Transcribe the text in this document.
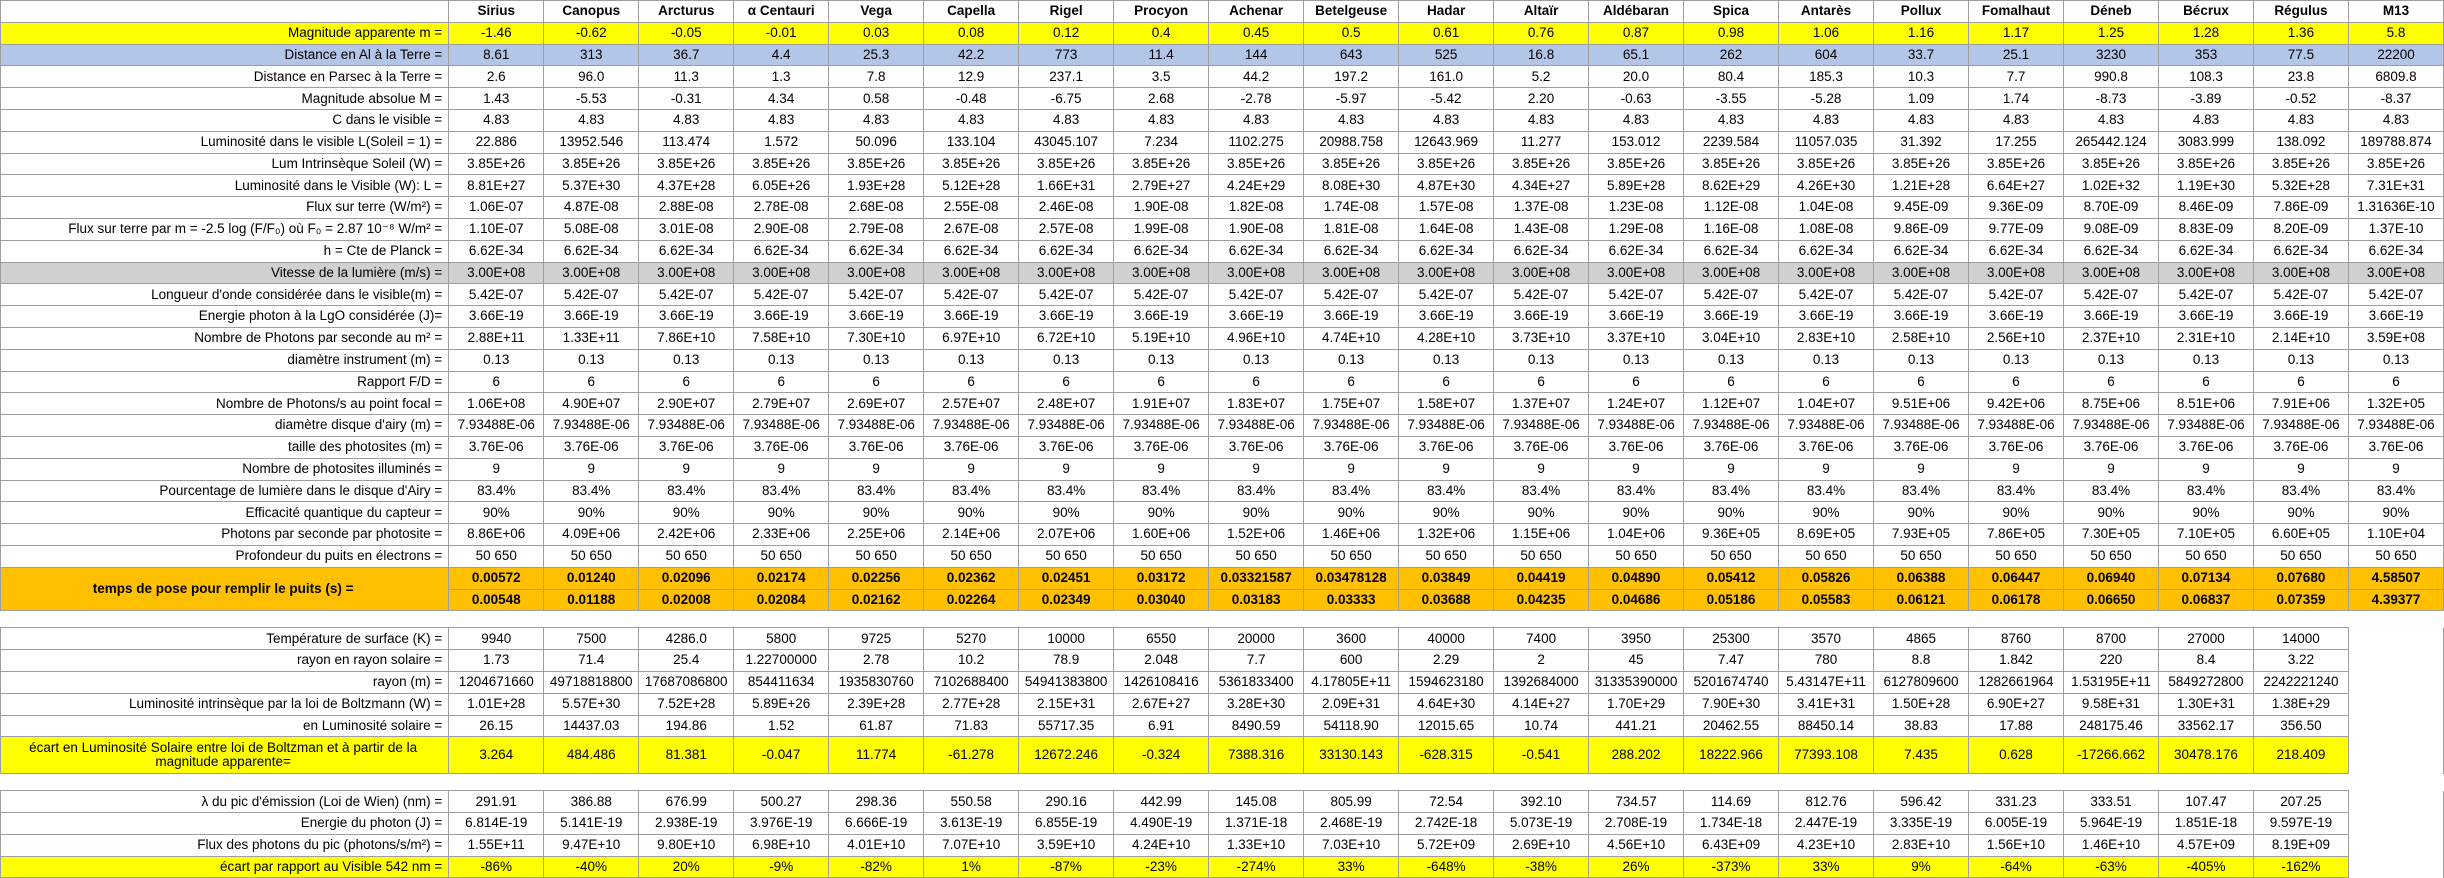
	Sirius	Canopus	Arcturus	α Centauri	Vega	Capella	Rigel	Procyon	Achenar	Betelgeuse	Hadar	Altaïr	Aldébaran	Spica	Antarès	Pollux	Fomalhaut	Déneb	Bécrux	Régulus	M13
Magnitude apparente m =	-1.46	-0.62	-0.05	-0.01	0.03	0.08	0.12	0.4	0.45	0.5	0.61	0.76	0.87	0.98	1.06	1.16	1.17	1.25	1.28	1.36	5.8
Distance en Al à la Terre =	8.61	313	36.7	4.4	25.3	42.2	773	11.4	144	643	525	16.8	65.1	262	604	33.7	25.1	3230	353	77.5	22200
Distance en Parsec à la Terre =	2.6	96.0	11.3	1.3	7.8	12.9	237.1	3.5	44.2	197.2	161.0	5.2	20.0	80.4	185.3	10.3	7.7	990.8	108.3	23.8	6809.8
Magnitude absolue M =	1.43	-5.53	-0.31	4.34	0.58	-0.48	-6.75	2.68	-2.78	-5.97	-5.42	2.20	-0.63	-3.55	-5.28	1.09	1.74	-8.73	-3.89	-0.52	-8.37
C dans le visible =	4.83	4.83	4.83	4.83	4.83	4.83	4.83	4.83	4.83	4.83	4.83	4.83	4.83	4.83	4.83	4.83	4.83	4.83	4.83	4.83	4.83
Luminosité dans le visible L(Soleil = 1) =	22.886	13952.546	113.474	1.572	50.096	133.104	43045.107	7.234	1102.275	20988.758	12643.969	11.277	153.012	2239.584	11057.035	31.392	17.255	265442.124	3083.999	138.092	189788.874
Lum Intrinsèque Soleil (W) =	3.85E+26	3.85E+26	3.85E+26	3.85E+26	3.85E+26	3.85E+26	3.85E+26	3.85E+26	3.85E+26	3.85E+26	3.85E+26	3.85E+26	3.85E+26	3.85E+26	3.85E+26	3.85E+26	3.85E+26	3.85E+26	3.85E+26	3.85E+26	3.85E+26
Luminosité dans le Visible (W): L =	8.81E+27	5.37E+30	4.37E+28	6.05E+26	1.93E+28	5.12E+28	1.66E+31	2.79E+27	4.24E+29	8.08E+30	4.87E+30	4.34E+27	5.89E+28	8.62E+29	4.26E+30	1.21E+28	6.64E+27	1.02E+32	1.19E+30	5.32E+28	7.31E+31
Flux sur terre (W/m²) =	1.06E-07	4.87E-08	2.88E-08	2.78E-08	2.68E-08	2.55E-08	2.46E-08	1.90E-08	1.82E-08	1.74E-08	1.57E-08	1.37E-08	1.23E-08	1.12E-08	1.04E-08	9.45E-09	9.36E-09	8.70E-09	8.46E-09	7.86E-09	1.31636E-10
Flux sur terre par m = -2.5 log (F/F₀) où F₀ = 2.87 10⁻⁸ W/m² =	1.10E-07	5.08E-08	3.01E-08	2.90E-08	2.79E-08	2.67E-08	2.57E-08	1.99E-08	1.90E-08	1.81E-08	1.64E-08	1.43E-08	1.29E-08	1.16E-08	1.08E-08	9.86E-09	9.77E-09	9.08E-09	8.83E-09	8.20E-09	1.37E-10
h = Cte de Planck =	6.62E-34	6.62E-34	6.62E-34	6.62E-34	6.62E-34	6.62E-34	6.62E-34	6.62E-34	6.62E-34	6.62E-34	6.62E-34	6.62E-34	6.62E-34	6.62E-34	6.62E-34	6.62E-34	6.62E-34	6.62E-34	6.62E-34	6.62E-34	6.62E-34
Vitesse de la lumière (m/s) =	3.00E+08	3.00E+08	3.00E+08	3.00E+08	3.00E+08	3.00E+08	3.00E+08	3.00E+08	3.00E+08	3.00E+08	3.00E+08	3.00E+08	3.00E+08	3.00E+08	3.00E+08	3.00E+08	3.00E+08	3.00E+08	3.00E+08	3.00E+08	3.00E+08
Longueur d'onde considérée dans le visible(m) =	5.42E-07	5.42E-07	5.42E-07	5.42E-07	5.42E-07	5.42E-07	5.42E-07	5.42E-07	5.42E-07	5.42E-07	5.42E-07	5.42E-07	5.42E-07	5.42E-07	5.42E-07	5.42E-07	5.42E-07	5.42E-07	5.42E-07	5.42E-07	5.42E-07
Energie photon à la LgO considérée (J)=	3.66E-19	3.66E-19	3.66E-19	3.66E-19	3.66E-19	3.66E-19	3.66E-19	3.66E-19	3.66E-19	3.66E-19	3.66E-19	3.66E-19	3.66E-19	3.66E-19	3.66E-19	3.66E-19	3.66E-19	3.66E-19	3.66E-19	3.66E-19	3.66E-19
Nombre de Photons par seconde au m² =	2.88E+11	1.33E+11	7.86E+10	7.58E+10	7.30E+10	6.97E+10	6.72E+10	5.19E+10	4.96E+10	4.74E+10	4.28E+10	3.73E+10	3.37E+10	3.04E+10	2.83E+10	2.58E+10	2.56E+10	2.37E+10	2.31E+10	2.14E+10	3.59E+08
diamètre instrument (m) =	0.13	0.13	0.13	0.13	0.13	0.13	0.13	0.13	0.13	0.13	0.13	0.13	0.13	0.13	0.13	0.13	0.13	0.13	0.13	0.13	0.13
Rapport F/D =	6	6	6	6	6	6	6	6	6	6	6	6	6	6	6	6	6	6	6	6	6
Nombre de Photons/s au point focal =	1.06E+08	4.90E+07	2.90E+07	2.79E+07	2.69E+07	2.57E+07	2.48E+07	1.91E+07	1.83E+07	1.75E+07	1.58E+07	1.37E+07	1.24E+07	1.12E+07	1.04E+07	9.51E+06	9.42E+06	8.75E+06	8.51E+06	7.91E+06	1.32E+05
diamètre disque d'airy (m) =	7.93488E-06	7.93488E-06	7.93488E-06	7.93488E-06	7.93488E-06	7.93488E-06	7.93488E-06	7.93488E-06	7.93488E-06	7.93488E-06	7.93488E-06	7.93488E-06	7.93488E-06	7.93488E-06	7.93488E-06	7.93488E-06	7.93488E-06	7.93488E-06	7.93488E-06	7.93488E-06	7.93488E-06
taille des photosites (m) =	3.76E-06	3.76E-06	3.76E-06	3.76E-06	3.76E-06	3.76E-06	3.76E-06	3.76E-06	3.76E-06	3.76E-06	3.76E-06	3.76E-06	3.76E-06	3.76E-06	3.76E-06	3.76E-06	3.76E-06	3.76E-06	3.76E-06	3.76E-06	3.76E-06
Nombre de photosites illuminés =	9	9	9	9	9	9	9	9	9	9	9	9	9	9	9	9	9	9	9	9	9
Pourcentage de lumière dans le disque d'Airy =	83.4%	83.4%	83.4%	83.4%	83.4%	83.4%	83.4%	83.4%	83.4%	83.4%	83.4%	83.4%	83.4%	83.4%	83.4%	83.4%	83.4%	83.4%	83.4%	83.4%	83.4%
Efficacité quantique du capteur =	90%	90%	90%	90%	90%	90%	90%	90%	90%	90%	90%	90%	90%	90%	90%	90%	90%	90%	90%	90%	90%
Photons par seconde par photosite =	8.86E+06	4.09E+06	2.42E+06	2.33E+06	2.25E+06	2.14E+06	2.07E+06	1.60E+06	1.52E+06	1.46E+06	1.32E+06	1.15E+06	1.04E+06	9.36E+05	8.69E+05	7.93E+05	7.86E+05	7.30E+05	7.10E+05	6.60E+05	1.10E+04
Profondeur du puits en électrons =	50 650	50 650	50 650	50 650	50 650	50 650	50 650	50 650	50 650	50 650	50 650	50 650	50 650	50 650	50 650	50 650	50 650	50 650	50 650	50 650	50 650
temps de pose pour remplir le puits (s) =	0.00572	0.01240	0.02096	0.02174	0.02256	0.02362	0.02451	0.03172	0.03321587	0.03478128	0.03849	0.04419	0.04890	0.05412	0.05826	0.06388	0.06447	0.06940	0.07134	0.07680	4.58507
	0.00548	0.01188	0.02008	0.02084	0.02162	0.02264	0.02349	0.03040	0.03183	0.03333	0.03688	0.04235	0.04686	0.05186	0.05583	0.06121	0.06178	0.06650	0.06837	0.07359	4.39377

Température de surface (K) =	9940	7500	4286.0	5800	9725	5270	10000	6550	20000	3600	40000	7400	3950	25300	3570	4865	8760	8700	27000	14000	
rayon en rayon solaire =	1.73	71.4	25.4	1.22700000	2.78	10.2	78.9	2.048	7.7	600	2.29	2	45	7.47	780	8.8	1.842	220	8.4	3.22	
rayon (m) =	1204671660	49718818800	17687086800	854411634	1935830760	7102688400	54941383800	1426108416	5361833400	4.17805E+11	1594623180	1392684000	31335390000	5201674740	5.43147E+11	6127809600	1282661964	1.53195E+11	5849272800	2242221240	
Luminosité intrinsèque par la loi de Boltzmann (W) =	1.01E+28	5.57E+30	7.52E+28	5.89E+26	2.39E+28	2.77E+28	2.15E+31	2.67E+27	3.28E+30	2.09E+31	4.64E+30	4.14E+27	1.70E+29	7.90E+30	3.41E+31	1.50E+28	6.90E+27	9.58E+31	1.30E+31	1.38E+29	
en Luminosité solaire =	26.15	14437.03	194.86	1.52	61.87	71.83	55717.35	6.91	8490.59	54118.90	12015.65	10.74	441.21	20462.55	88450.14	38.83	17.88	248175.46	33562.17	356.50	
écart en Luminosité Solaire entre loi de Boltzman et à partir de la magnitude apparente=	3.264	484.486	81.381	-0.047	11.774	-61.278	12672.246	-0.324	7388.316	33130.143	-628.315	-0.541	288.202	18222.966	77393.108	7.435	0.628	-17266.662	30478.176	218.409	

λ du pic d'émission (Loi de Wien) (nm) =	291.91	386.88	676.99	500.27	298.36	550.58	290.16	442.99	145.08	805.99	72.54	392.10	734.57	114.69	812.76	596.42	331.23	333.51	107.47	207.25	
Energie du photon (J) =	6.814E-19	5.141E-19	2.938E-19	3.976E-19	6.666E-19	3.613E-19	6.855E-19	4.490E-19	1.371E-18	2.468E-19	2.742E-18	5.073E-19	2.708E-19	1.734E-18	2.447E-19	3.335E-19	6.005E-19	5.964E-19	1.851E-18	9.597E-19	
Flux des photons du pic (photons/s/m²) =	1.55E+11	9.47E+10	9.80E+10	6.98E+10	4.01E+10	7.07E+10	3.59E+10	4.24E+10	1.33E+10	7.03E+10	5.72E+09	2.69E+10	4.56E+10	6.43E+09	4.23E+10	2.83E+10	1.56E+10	1.46E+10	4.57E+09	8.19E+09	
écart par rapport au Visible 542 nm =	-86%	-40%	20%	-9%	-82%	1%	-87%	-23%	-274%	33%	-648%	-38%	26%	-373%	33%	9%	-64%	-63%	-405%	-162%	
